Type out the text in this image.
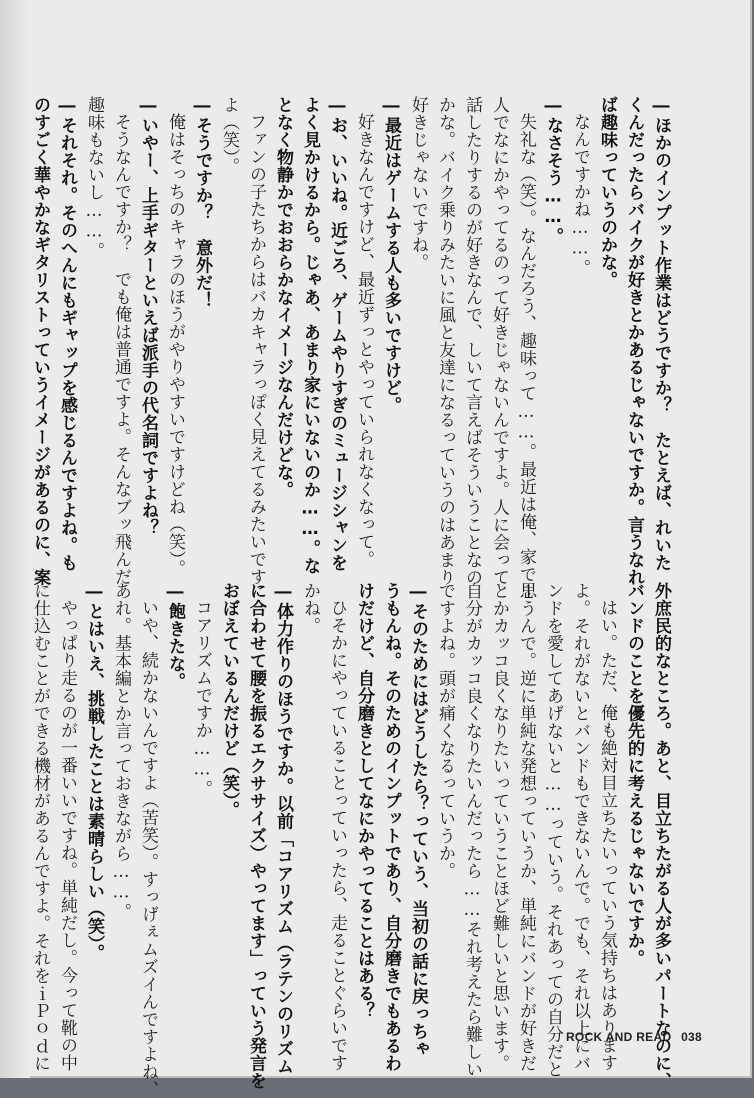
―ほかのインプット作業はどうですか？　たとえば、れいた

くんだったらバイクが好きとかあるじゃないですか。言うなれ

ば趣味っていうのかな。

なんですかね……。

―なさそう……。

失礼な（笑）。なんだろう、趣味って……。最近は俺、家で１

人でなにかやってるのって好きじゃないんですよ。人に会って

話したりするのが好きなんで、しいて言えばそういうことなの

かな。バイク乗りみたいに風と友達になるっていうのはあまり

好きじゃないですね。

―最近はゲームする人も多いですけど。

好きなんですけど、最近ずっとやっていられなくなって。

―お、いいね。近ごろ、ゲームやりすぎのミュージシャンを

よく見かけるから。じゃあ、あまり家にいないのか……。な

となく物静かでおおらかなイメージなんだけどな。

ファンの子たちからはバカキャラっぽく見えてるみたいです

よ（笑）。

―そうですか？　意外だ！

俺はそっちのキャラのほうがやりやすいですけどね（笑）。

―いやー、上手ギターといえば派手の代名詞ですよね？

そうなんですか？　でも俺は普通ですよ。そんなブッ飛んだ

趣味もないし……。

―それそれ。そのへんにもギャップを感じるんですよね。も

のすごく華やかなギタリストっていうイメージがあるのに、案

外庶民的なところ。あと、目立ちたがる人が多いパートなのに、

バンドのことを優先的に考えるじゃないですか。

はい。ただ、俺も絶対目立ちたいっていう気持ちはあります

よ。それがないとバンドもできないんで。でも、それ以上にバ

ンドを愛してあげないと……っていう。それあっての自分だと

思うんで。逆に単純な発想っていうか、単純にバンドが好きだ

とかカッコ良くなりたいっていうことほど難しいと思います。

自分がカッコ良くなりたいんだったら……それ考えたら難しい

ですよね。頭が痛くなるっていうか。

―そのためにはどうしたら？っていう、当初の話に戻っちゃ

うもんね。そのためのインプットであり、自分磨きでもあるわ

けだけど、自分磨きとしてなにかやってることはある？

ひそかにやっていることっていったら、走ることぐらいです

かね。

―体力作りのほうですか。以前「コアリズム（ラテンのリズム

に合わせて腰を振るエクササイズ）やってます」っていう発言を

おぼえているんだけど（笑）。

コアリズムですか……。

―飽きたな。

いや、続かないんですよ（苦笑）。すっげぇムズイんですよね、

あれ。基本編とか言っておきながら……。

―とはいえ、挑戦したことは素晴らしい（笑）。

やっぱり走るのが一番いいですね。単純だし。今って靴の中

に仕込むことができる機材があるんですよ。それをｉＰｏｄに	ROCK AND READ 038
